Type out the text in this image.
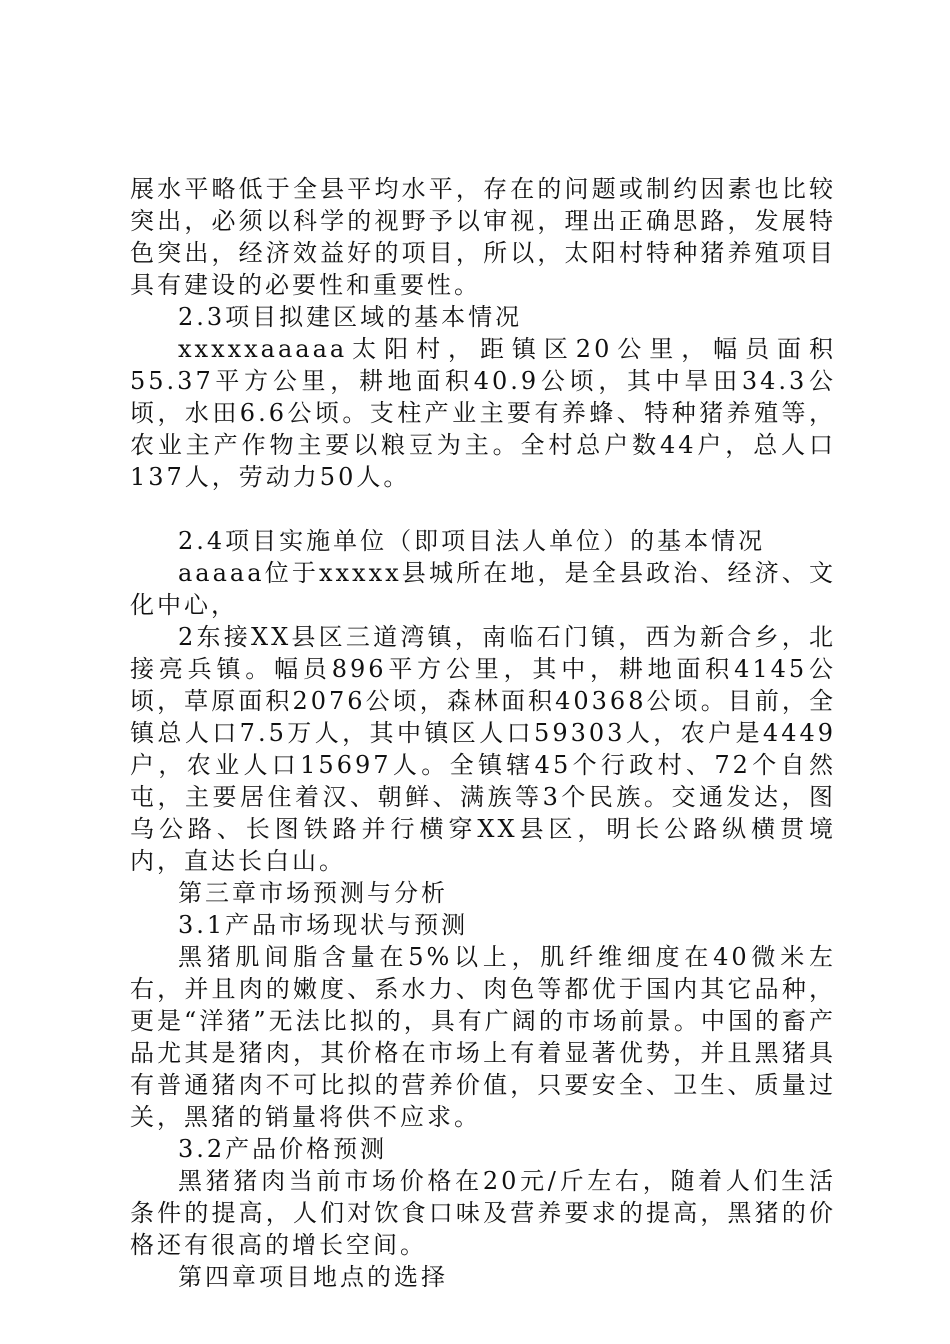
展水平略低于全县平均水平，存在的问题或制约因素也比较突出，必须以科学的视野予以审视，理出正确思路，发展特色突出，经济效益好的项目，所以，太阳村特种猪养殖项目具有建设的必要性和重要性。

2.3项目拟建区域的基本情况

xxxxxaaaaa太阳村，距镇区20公里，幅员面积55.37平方公里，耕地面积40.9公顷，其中旱田34.3公顷，水田6.6公顷。支柱产业主要有养蜂、特种猪养殖等，农业主产作物主要以粮豆为主。全村总户数44户，总人口137人，劳动力50人。

2.4项目实施单位（即项目法人单位）的基本情况

aaaaa位于xxxxx县城所在地，是全县政治、经济、文化中心，

2东接XX县区三道湾镇，南临石门镇，西为新合乡，北接亮兵镇。幅员896平方公里，其中，耕地面积4145公顷，草原面积2076公顷，森林面积40368公顷。目前，全镇总人口7.5万人，其中镇区人口59303人，农户是4449户，农业人口15697人。全镇辖45个行政村、72个自然屯，主要居住着汉、朝鲜、满族等3个民族。交通发达，图乌公路、长图铁路并行横穿XX县区，明长公路纵横贯境内，直达长白山。

第三章市场预测与分析

3.1产品市场现状与预测

黑猪肌间脂含量在5%以上，肌纤维细度在40微米左右，并且肉的嫩度、系水力、肉色等都优于国内其它品种，更是“洋猪”无法比拟的，具有广阔的市场前景。中国的畜产品尤其是猪肉，其价格在市场上有着显著优势，并且黑猪具有普通猪肉不可比拟的营养价值，只要安全、卫生、质量过关，黑猪的销量将供不应求。

3.2产品价格预测

黑猪猪肉当前市场价格在20元/斤左右，随着人们生活条件的提高，人们对饮食口味及营养要求的提高，黑猪的价格还有很高的增长空间。

第四章项目地点的选择
